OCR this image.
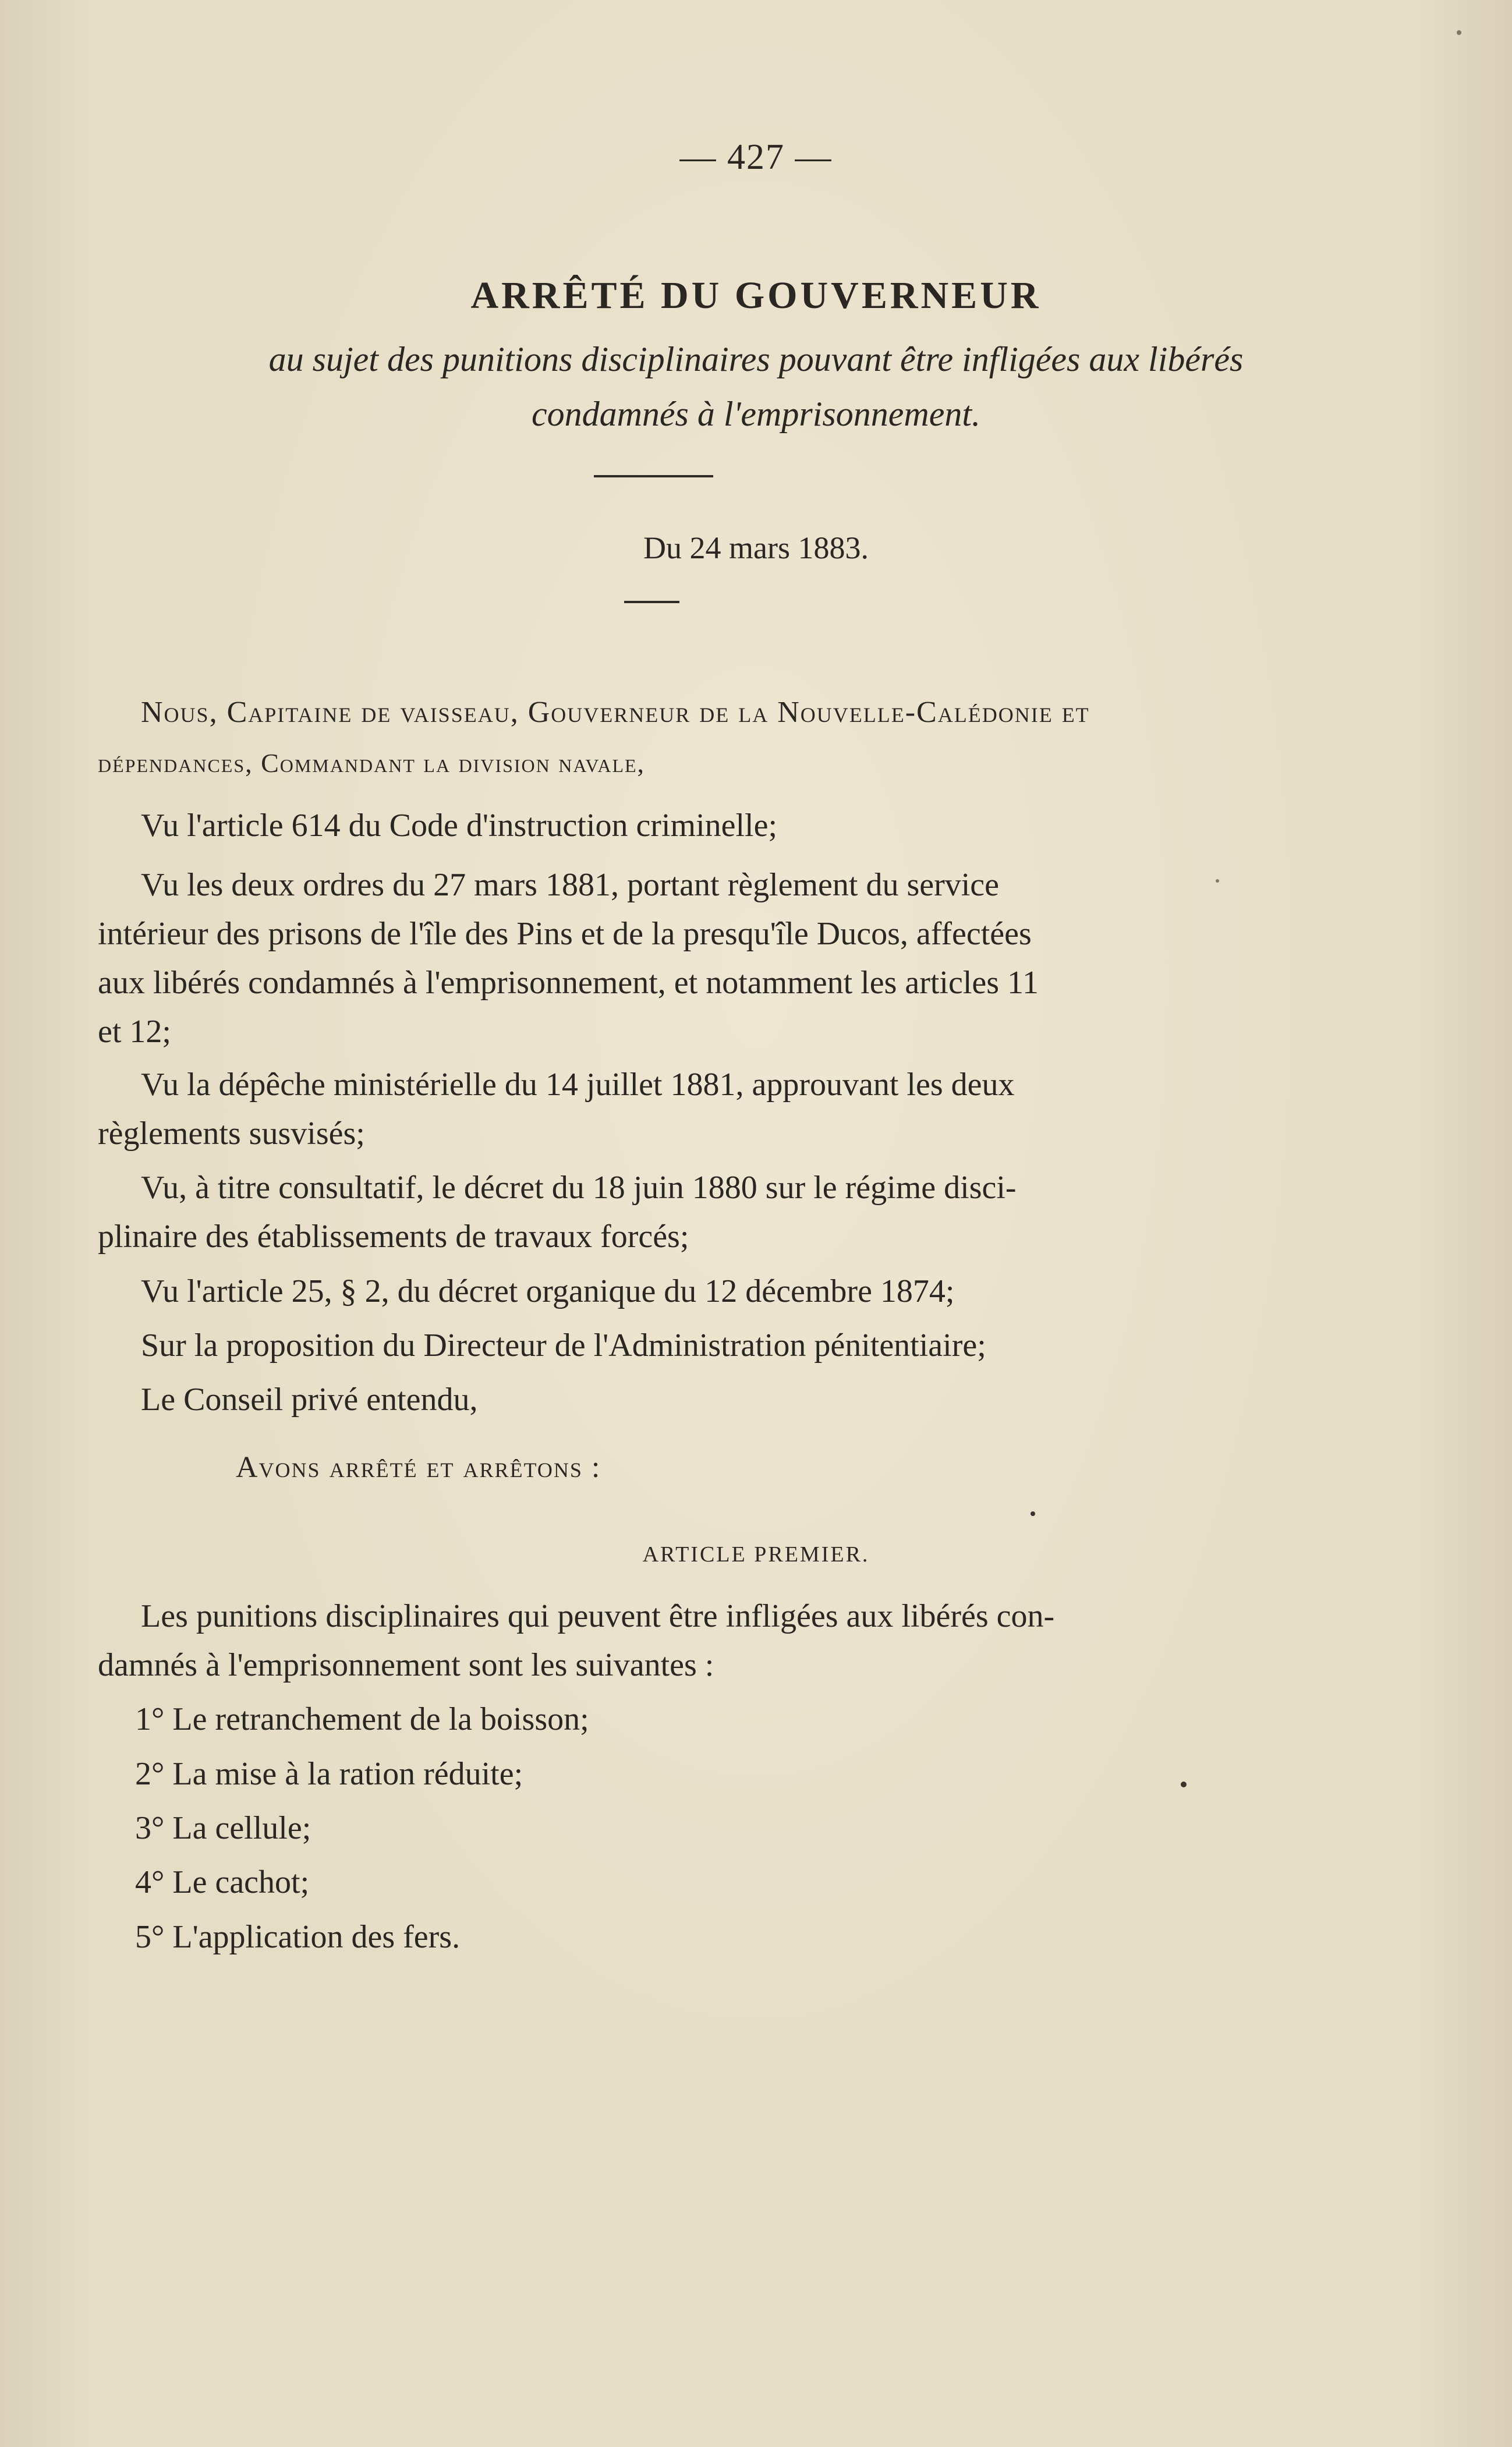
— 427 —
ARRÊTÉ DU GOUVERNEUR
au sujet des punitions disciplinaires pouvant être infligées aux libérés
condamnés à l'emprisonnement.
Du 24 mars 1883.
Nous, Capitaine de vaisseau, Gouverneur de la Nouvelle-Calédonie et
dépendances, Commandant la division navale,
Vu l'article 614 du Code d'instruction criminelle;
Vu les deux ordres du 27 mars 1881, portant règlement du service
intérieur des prisons de l'île des Pins et de la presqu'île Ducos, affectées
aux libérés condamnés à l'emprisonnement, et notamment les articles 11
et 12;
Vu la dépêche ministérielle du 14 juillet 1881, approuvant les deux
règlements susvisés;
Vu, à titre consultatif, le décret du 18 juin 1880 sur le régime disci-
plinaire des établissements de travaux forcés;
Vu l'article 25, § 2, du décret organique du 12 décembre 1874;
Sur la proposition du Directeur de l'Administration pénitentiaire;
Le Conseil privé entendu,
Avons arrêté et arrêtons :
ARTICLE PREMIER.
Les punitions disciplinaires qui peuvent être infligées aux libérés con-
damnés à l'emprisonnement sont les suivantes :
1° Le retranchement de la boisson;
2° La mise à la ration réduite;
3° La cellule;
4° Le cachot;
5° L'application des fers.
